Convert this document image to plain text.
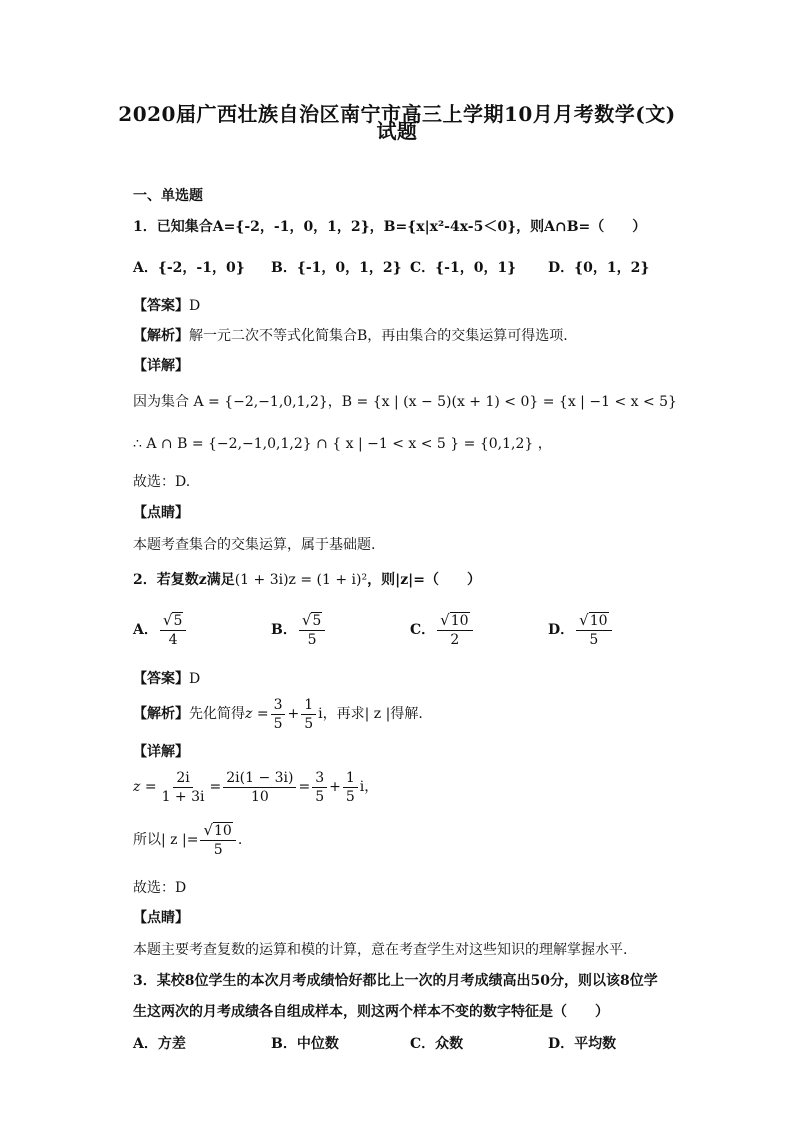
2020届广西壮族自治区南宁市高三上学期10月月考数学(文)
试题
一、单选题
1．已知集合A={-2，-1，0，1，2}，B={x|x²-4x-5＜0}，则A∩B=（　　）
A．{-2，-1，0} B．{-1，0，1，2} C．{-1，0，1} D．{0，1，2}
【答案】D
【解析】解一元二次不等式化简集合B，再由集合的交集运算可得选项.
【详解】
因为集合 A = {−2,−1,0,1,2}，B = {x | (x − 5)(x + 1) < 0} = {x | −1 < x < 5}
∴ A ∩ B = {−2,−1,0,1,2} ∩ { x | −1 < x < 5 } = {0,1,2} ，
故选：D.
【点睛】
本题考查集合的交集运算，属于基础题.
2．若复数z满足(1 + 3i)z = (1 + i)²，则|z|=（　　）
A． $\frac{√5}{4}$	B． $\frac{√5}{5}$	C． $\frac{√10}{2}$	D． $\frac{√10}{5}$
【答案】D
【解析】先化简得$z = \frac{3}{5} + \frac{1}{5}$ i，再求| z |得解.
【详解】
$z = \frac{2i}{1 + 3i} = \frac{2i(1 - 3i)}{10} = \frac{3}{5} + \frac{1}{5}$ i，
所以| z |= $\frac{√10}{5}$ .
故选：D
【点睛】
本题主要考查复数的运算和模的计算，意在考查学生对这些知识的理解掌握水平.
3．某校8位学生的本次月考成绩恰好都比上一次的月考成绩高出50分，则以该8位学
生这两次的月考成绩各自组成样本，则这两个样本不变的数字特征是（　　）
A．方差	B．中位数	C．众数	D．平均数
